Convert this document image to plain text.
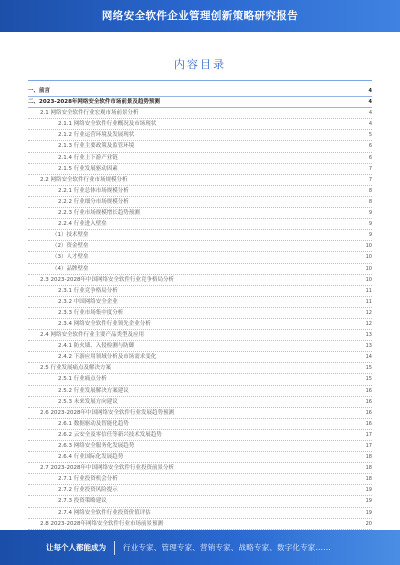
网络安全软件企业管理创新策略研究报告
内容目录
一、前言	4
二、2023-2028年网络安全软件市场前景及趋势预测	4
2.1 网络安全软件行业宏观市场前景分析	4
2.1.1 网络安全软件行业概况及市场现状	4
2.1.2 行业运营环境及发展现状	5
2.1.3 行业主要政策及监管环境	6
2.1.4 行业上下游产业链	6
2.1.5 行业发展驱动因素	7
2.2 网络安全软件行业市场规模分析	7
2.2.1 行业总体市场规模分析	8
2.2.2 行业细分市场规模分析	8
2.2.3 行业市场规模增长趋势预测	9
2.2.4 行业进入壁垒	9
（1）技术壁垒	9
（2）资金壁垒	10
（3）人才壁垒	10
（4）品牌壁垒	10
2.3 2023-2028年中国网络安全软件行业竞争格局分析	10
2.3.1 行业竞争格局分析	11
2.3.2 中国网络安全企业	11
2.3.3 行业市场集中度分析	12
2.3.4 网络安全软件行业领先企业分析	12
2.4 网络安全软件行业主要产品类型及应用	13
2.4.1 防火墙、入侵检测与防御	13
2.4.2 下游应用领域分析及市场需求变化	14
2.5 行业发展痛点及解决方案	15
2.5.1 行业痛点分析	15
2.5.2 行业发展解决方案建议	16
2.5.3 未来发展方向建议	16
2.6 2023-2028年中国网络安全软件行业发展趋势预测	16
2.6.1 数据驱动及智能化趋势	16
2.6.2 云安全及零信任等新兴技术发展趋势	17
2.6.3 网络安全服务化发展趋势	17
2.6.4 行业国际化发展趋势	18
2.7 2023-2028年中国网络安全软件行业投资前景分析	18
2.7.1 行业投资机会分析	18
2.7.2 行业投资风险提示	19
2.7.3 投资策略建议	19
2.7.4 网络安全软件行业投资价值评估	19
2.8 2023-2028年网络安全软件行业市场前景预测	20
让每个人都能成为 行业专家、管理专家、营销专家、战略专家、数字化专家……
